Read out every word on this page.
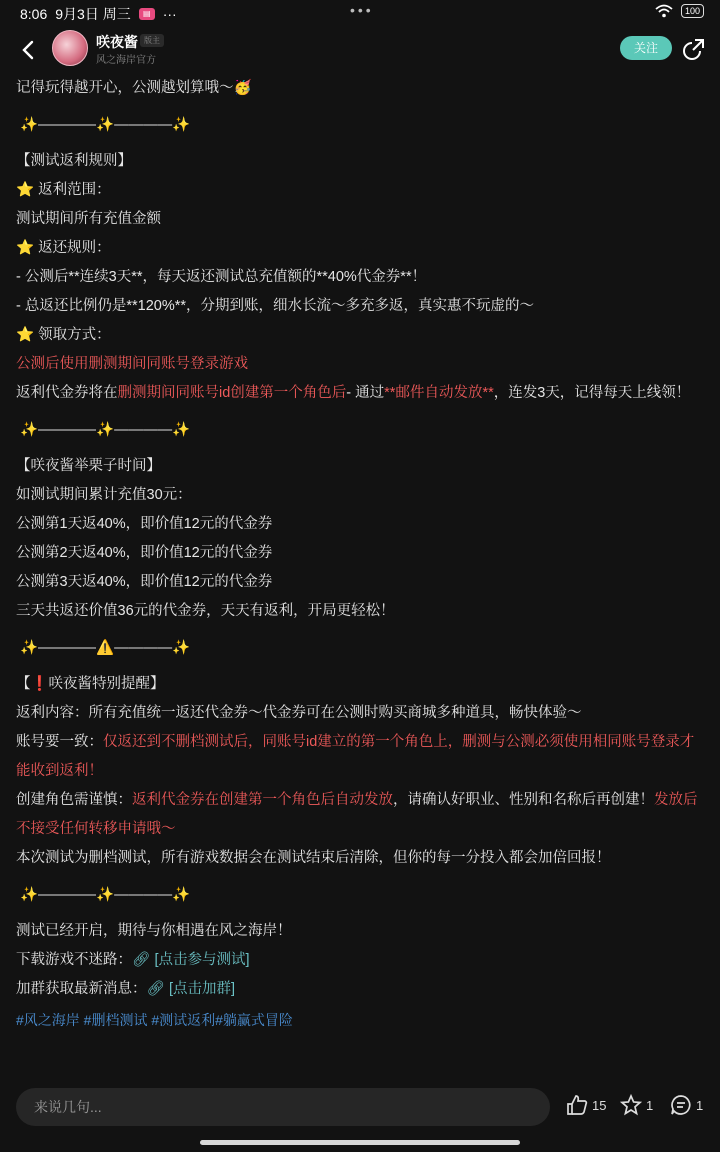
8:06 9月3日 周三	▤ ···	•••	100
咲夜酱 版主
风之海岸官方
关注

记得玩得越开心，公测越划算哦～🥳

✨————✨————✨

【测试返利规则】

⭐ 返利范围：

测试期间所有充值金额

⭐ 返还规则：

- 公测后**连续3天**，每天返还测试总充值额的**40%代金券**！

- 总返还比例仍是**120%**，分期到账，细水长流～多充多返，真实惠不玩虚的～

⭐ 领取方式：

公测后使用删测期间同账号登录游戏

返利代金券将在删测期间同账号id创建第一个角色后- 通过**邮件自动发放**，连发3天，记得每天上线领！

✨————✨————✨

【咲夜酱举栗子时间】

如测试期间累计充值30元：

公测第1天返40%，即价值12元的代金券

公测第2天返40%，即价值12元的代金券

公测第3天返40%，即价值12元的代金券

三天共返还价值36元的代金券，天天有返利，开局更轻松！

✨————⚠️————✨

【❗咲夜酱特别提醒】

返利内容：所有充值统一返还代金券～代金券可在公测时购买商城多种道具，畅快体验～

账号要一致：仅返还到不删档测试后，同账号id建立的第一个角色上，删测与公测必须使用相同账号登录才能收到返利！

创建角色需谨慎：返利代金券在创建第一个角色后自动发放，请确认好职业、性别和名称后再创建！发放后不接受任何转移申请哦～

本次测试为删档测试，所有游戏数据会在测试结束后清除，但你的每一分投入都会加倍回报！

✨————✨————✨

测试已经开启，期待与你相遇在风之海岸！

下载游戏不迷路：🔗︎ [点击参与测试]

加群获取最新消息：🔗︎ [点击加群]

#风之海岸 #删档测试 #测试返利#躺赢式冒险
来说几句...	15	1	1
